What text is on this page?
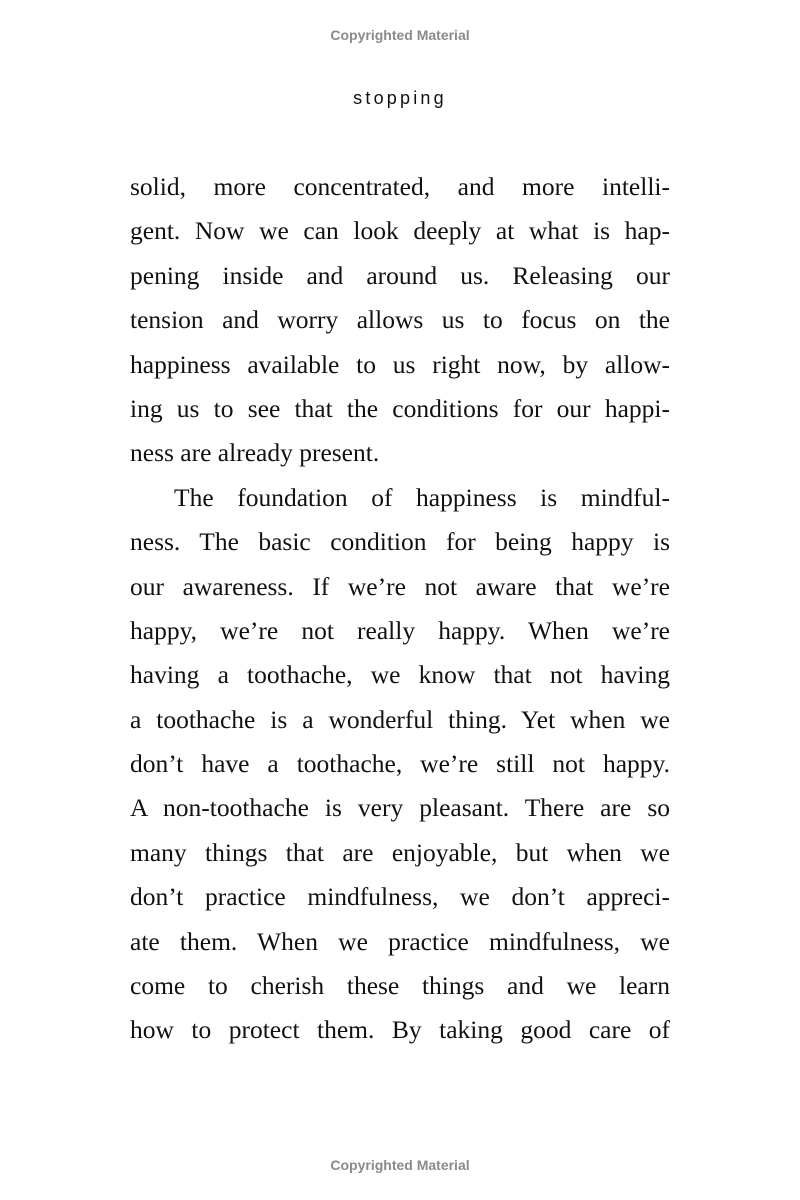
Copyrighted Material
stopping
solid, more concentrated, and more intelli-
gent. Now we can look deeply at what is hap-
pening inside and around us. Releasing our
tension and worry allows us to focus on the
happiness available to us right now, by allow-
ing us to see that the conditions for our happi-
ness are already present.
The foundation of happiness is mindful-
ness. The basic condition for being happy is
our awareness. If we’re not aware that we’re
happy, we’re not really happy. When we’re
having a toothache, we know that not having
a toothache is a wonderful thing. Yet when we
don’t have a toothache, we’re still not happy.
A non-toothache is very pleasant. There are so
many things that are enjoyable, but when we
don’t practice mindfulness, we don’t appreci-
ate them. When we practice mindfulness, we
come to cherish these things and we learn
how to protect them. By taking good care of
Copyrighted Material
